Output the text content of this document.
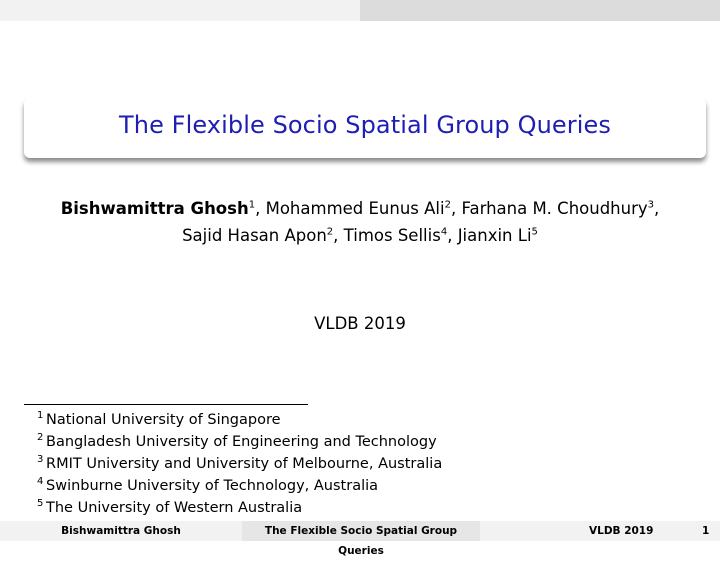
The Flexible Socio Spatial Group Queries
Bishwamittra Ghosh$^1$, Mohammed Eunus Ali$^2$, Farhana M. Choudhury$^3$, Sajid Hasan Apon$^2$, Timos Sellis$^4$, Jianxin Li$^5$
VLDB 2019
1 National University of Singapore
2 Bangladesh University of Engineering and Technology
3 RMIT University and University of Melbourne, Australia
4 Swinburne University of Technology, Australia
5 The University of Western Australia
Bishwamittra Ghosh	The Flexible Socio Spatial Group Queries
VLDB 2019	1
